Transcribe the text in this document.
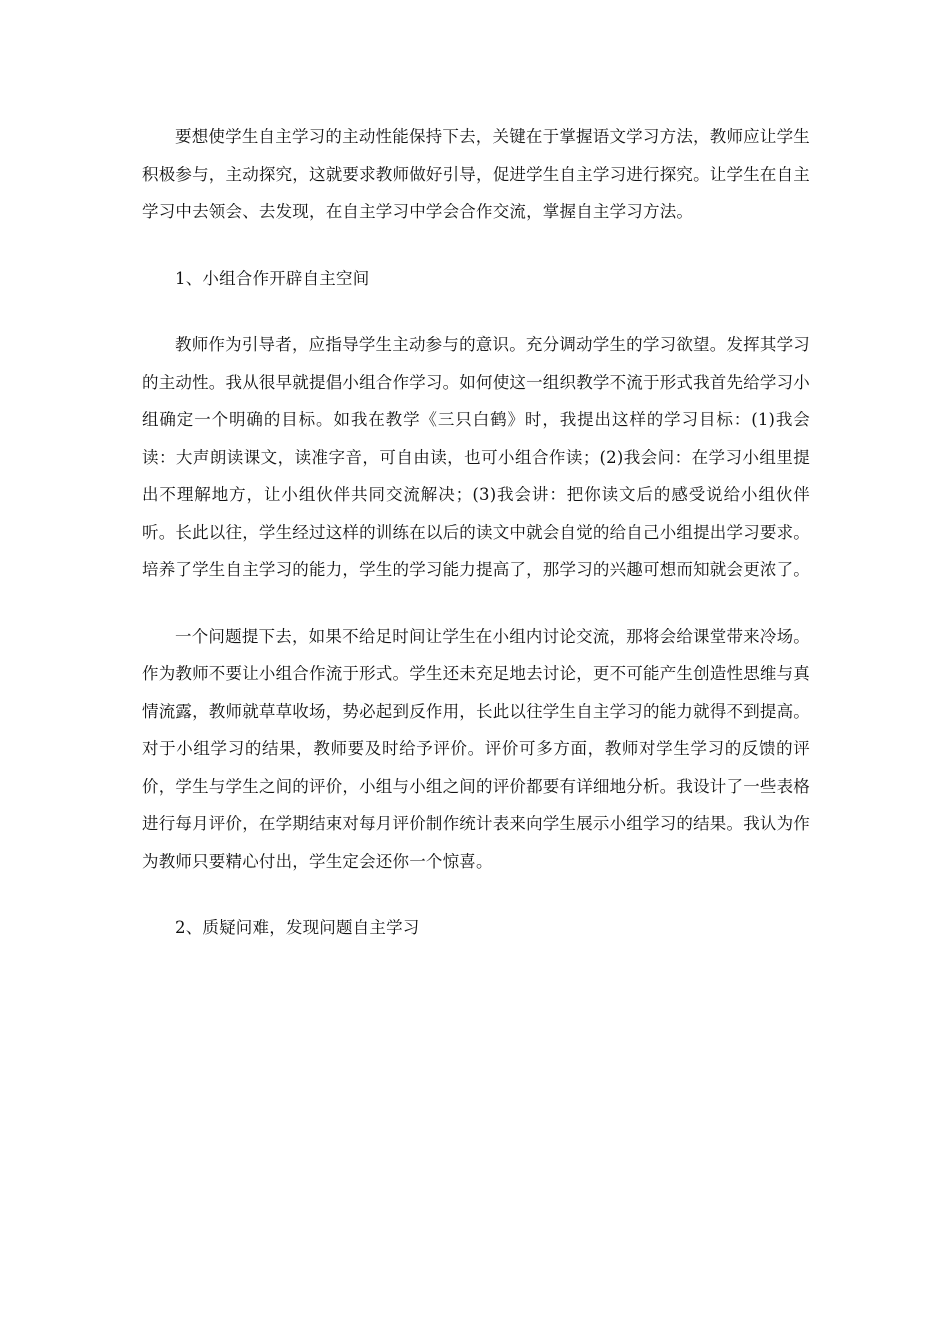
要想使学生自主学习的主动性能保持下去，关键在于掌握语文学习方法，教师应让学生积极参与，主动探究，这就要求教师做好引导，促进学生自主学习进行探究。让学生在自主学习中去领会、去发现，在自主学习中学会合作交流，掌握自主学习方法。

1、小组合作开辟自主空间

教师作为引导者，应指导学生主动参与的意识。充分调动学生的学习欲望。发挥其学习的主动性。我从很早就提倡小组合作学习。如何使这一组织教学不流于形式我首先给学习小组确定一个明确的目标。如我在教学《三只白鹤》时，我提出这样的学习目标：(1)我会读：大声朗读课文，读准字音，可自由读，也可小组合作读；(2)我会问：在学习小组里提出不理解地方，让小组伙伴共同交流解决；(3)我会讲：把你读文后的感受说给小组伙伴听。长此以往，学生经过这样的训练在以后的读文中就会自觉的给自己小组提出学习要求。培养了学生自主学习的能力，学生的学习能力提高了，那学习的兴趣可想而知就会更浓了。

一个问题提下去，如果不给足时间让学生在小组内讨论交流，那将会给课堂带来冷场。作为教师不要让小组合作流于形式。学生还未充足地去讨论，更不可能产生创造性思维与真情流露，教师就草草收场，势必起到反作用，长此以往学生自主学习的能力就得不到提高。对于小组学习的结果，教师要及时给予评价。评价可多方面，教师对学生学习的反馈的评价，学生与学生之间的评价，小组与小组之间的评价都要有详细地分析。我设计了一些表格进行每月评价，在学期结束对每月评价制作统计表来向学生展示小组学习的结果。我认为作为教师只要精心付出，学生定会还你一个惊喜。

2、质疑问难，发现问题自主学习
